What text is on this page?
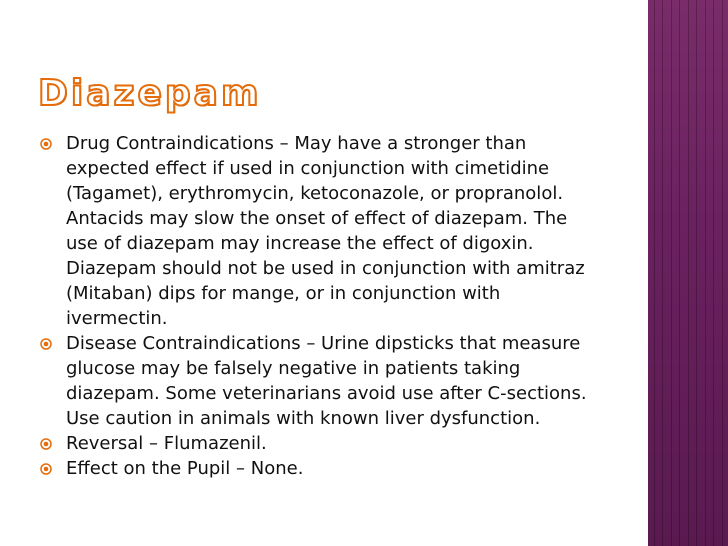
Diazepam
Drug Contraindications – May have a stronger than expected effect if used in conjunction with cimetidine (Tagamet), erythromycin, ketoconazole, or propranolol. Antacids may slow the onset of effect of diazepam. The use of diazepam may increase the effect of digoxin. Diazepam should not be used in conjunction with amitraz (Mitaban) dips for mange, or in conjunction with ivermectin.
Disease Contraindications – Urine dipsticks that measure glucose may be falsely negative in patients taking diazepam. Some veterinarians avoid use after C-sections. Use caution in animals with known liver dysfunction.
Reversal – Flumazenil.
Effect on the Pupil – None.
